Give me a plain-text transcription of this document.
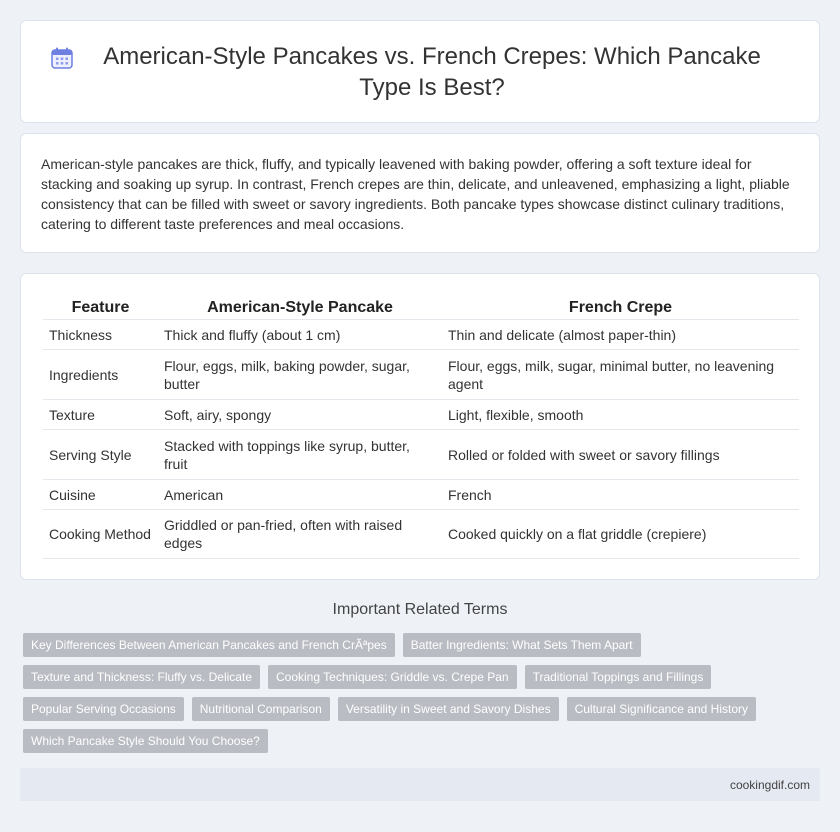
American-Style Pancakes vs. French Crepes: Which Pancake Type Is Best?

American-style pancakes are thick, fluffy, and typically leavened with baking powder, offering a soft texture ideal for stacking and soaking up syrup. In contrast, French crepes are thin, delicate, and unleavened, emphasizing a light, pliable consistency that can be filled with sweet or savory ingredients. Both pancake types showcase distinct culinary traditions, catering to different taste preferences and meal occasions.

Feature	American-Style Pancake	French Crepe
Thickness	Thick and fluffy (about 1 cm)	Thin and delicate (almost paper-thin)
Ingredients	Flour, eggs, milk, baking powder, sugar, butter	Flour, eggs, milk, sugar, minimal butter, no leavening agent
Texture	Soft, airy, spongy	Light, flexible, smooth
Serving Style	Stacked with toppings like syrup, butter, fruit	Rolled or folded with sweet or savory fillings
Cuisine	American	French
Cooking Method	Griddled or pan-fried, often with raised edges	Cooked quickly on a flat griddle (crepiere)
Important Related Terms
Key Differences Between American Pancakes and French CrÃªpes	Batter Ingredients: What Sets Them Apart
Texture and Thickness: Fluffy vs. Delicate	Cooking Techniques: Griddle vs. Crepe Pan	Traditional Toppings and Fillings
Popular Serving Occasions	Nutritional Comparison	Versatility in Sweet and Savory Dishes	Cultural Significance and History
Which Pancake Style Should You Choose?
cookingdif.com
